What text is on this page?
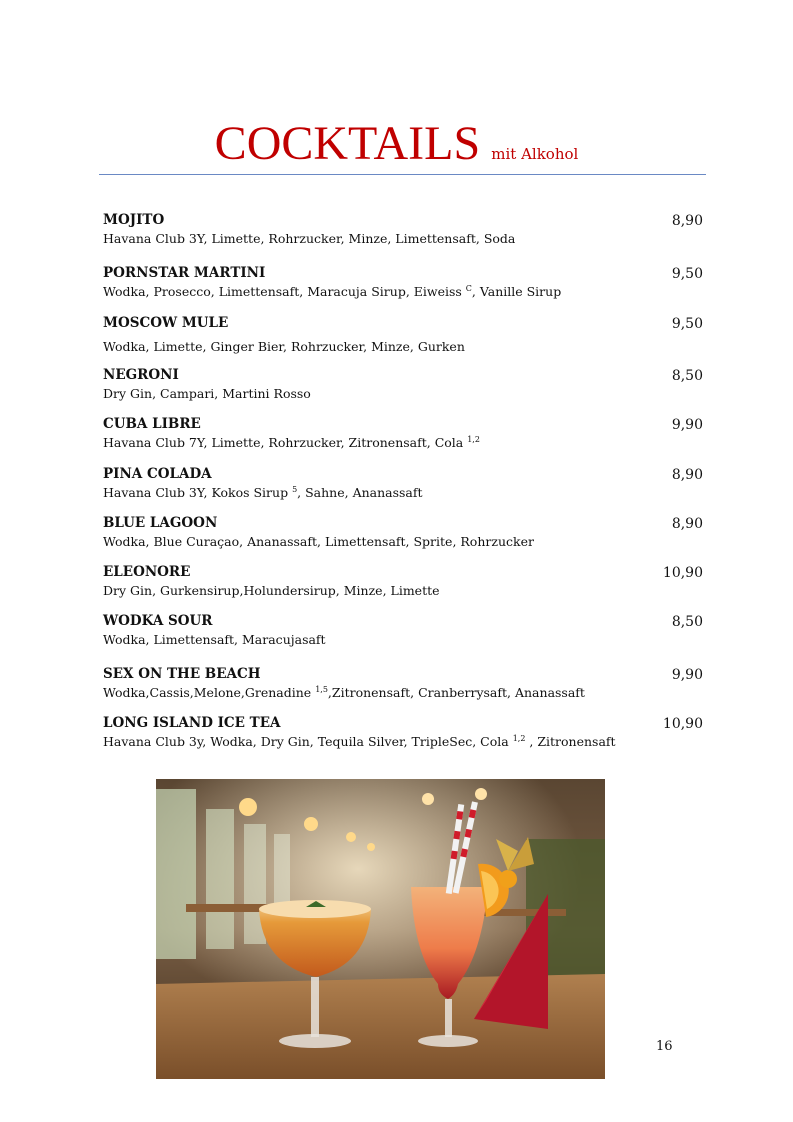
COCKTAILS mit Alkohol
MOJITO	8,90
Havana Club 3Y, Limette, Rohrzucker, Minze, Limettensaft, Soda
PORNSTAR MARTINI	9,50
Wodka, Prosecco, Limettensaft, Maracuja Sirup, Eiweiss $^C$, Vanille Sirup
MOSCOW MULE	9,50
Wodka, Limette, Ginger Bier, Rohrzucker, Minze, Gurken
NEGRONI	8,50
Dry Gin, Campari, Martini Rosso
CUBA LIBRE	9,90
Havana Club 7Y, Limette, Rohrzucker, Zitronensaft, Cola $^{1,2}$
PINA COLADA	8,90
Havana Club 3Y, Kokos Sirup $^5$, Sahne, Ananassaft
BLUE LAGOON	8,90
Wodka, Blue Curaçao, Ananassaft, Limettensaft, Sprite, Rohrzucker
ELEONORE	10,90
Dry Gin, Gurkensirup,Holundersirup, Minze, Limette
WODKA SOUR	8,50
Wodka, Limettensaft, Maracujasaft
SEX ON THE BEACH	9,90
Wodka,Cassis,Melone,Grenadine $^{1,5}$,Zitronensaft, Cranberrysaft, Ananassaft
LONG ISLAND ICE TEA	10,90
Havana Club 3y, Wodka, Dry Gin, Tequila Silver, TripleSec, Cola $^{1,2}$ , Zitronensaft
16
